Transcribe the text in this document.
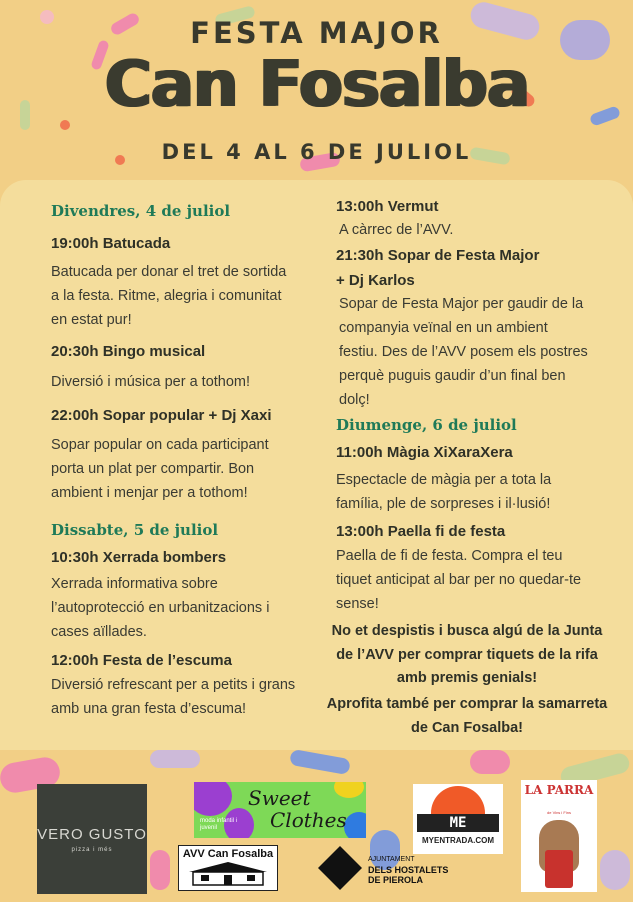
FESTA MAJOR
Can Fosalba
DEL 4 AL 6 DE JULIOL
Divendres, 4 de juliol
19:00h Batucada
Batucada per donar el tret de sortida a la festa. Ritme, alegria i comunitat en estat pur!
20:30h Bingo musical
Diversió i música per a tothom!
22:00h Sopar popular + Dj Xaxi
Sopar popular on cada participant porta un plat per compartir. Bon ambient i menjar per a tothom!
Dissabte, 5 de juliol
10:30h Xerrada bombers
Xerrada informativa sobre l’autoprotecció en urbanitzacions i cases aïllades.
12:00h Festa de l’escuma
Diversió refrescant per a petits i grans amb una gran festa d’escuma!
13:00h Vermut
A càrrec de l’AVV.
21:30h Sopar de Festa Major
+ Dj Karlos
Sopar de Festa Major per gaudir de la companyia veïnal en un ambient festiu. Des de l’AVV posem els postres perquè puguis gaudir d’un final ben dolç!
Diumenge, 6 de juliol
11:00h Màgia XiXaraXera
Espectacle de màgia per a tota la família, ple de sorpreses i il·lusió!
13:00h Paella fi de festa
Paella de fi de festa. Compra el teu tiquet anticipat al bar per no quedar-te sense!
No et despistis i busca algú de la Junta de l’AVV per comprar tiquets de la rifa amb premis genials!
Aprofita també per comprar la samarreta de Can Fosalba!
VERO GUSTO
pizza i més
Sweet
Clothes
moda infantil i juvenil
AVV Can Fosalba	AJUNTAMENT
DELS HOSTALETS DE PIEROLA
ME
MYENTRADA.COM
LA PARRA
de Vins i Fins
